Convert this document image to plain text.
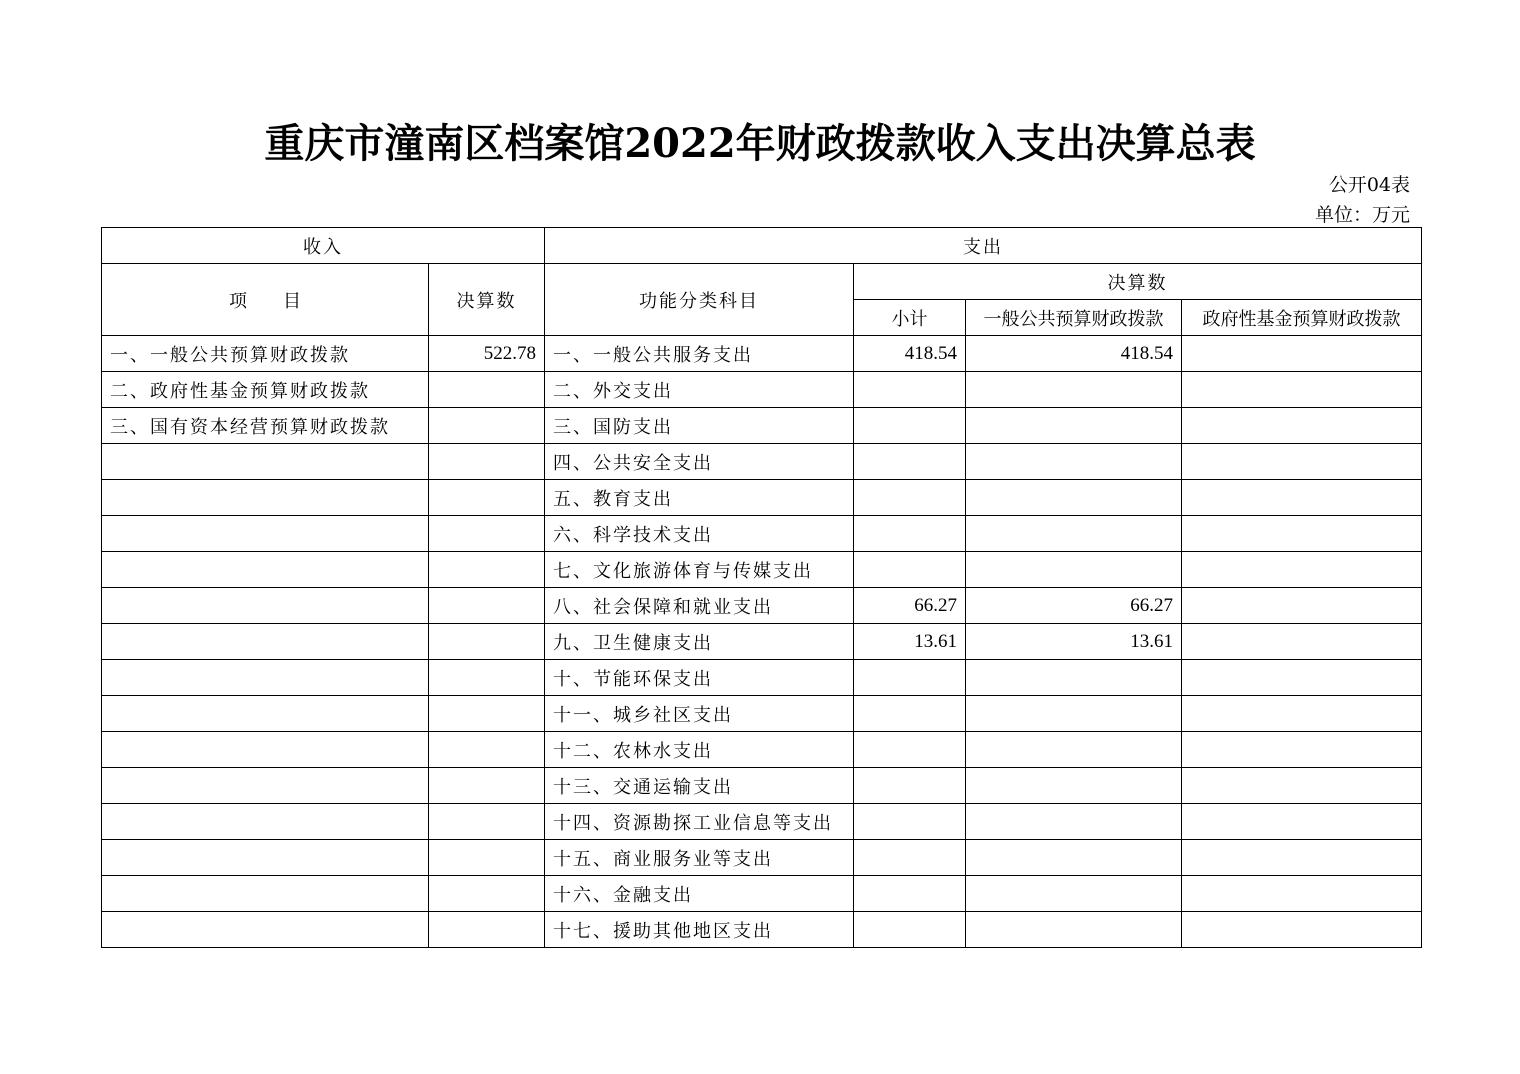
重庆市潼南区档案馆2022年财政拨款收入支出决算总表
公开04表
单位：万元
收入		支出			
项　　目	决算数	功能分类科目	决算数		
			小计	一般公共预算财政拨款	政府性基金预算财政拨款
一、一般公共预算财政拨款	522.78	一、一般公共服务支出	418.54	418.54	
二、政府性基金预算财政拨款		二、外交支出			
三、国有资本经营预算财政拨款		三、国防支出			
		四、公共安全支出			
		五、教育支出			
		六、科学技术支出			
		七、文化旅游体育与传媒支出			
		八、社会保障和就业支出	66.27	66.27	
		九、卫生健康支出	13.61	13.61	
		十、节能环保支出			
		十一、城乡社区支出			
		十二、农林水支出			
		十三、交通运输支出			
		十四、资源勘探工业信息等支出			
		十五、商业服务业等支出			
		十六、金融支出			
		十七、援助其他地区支出			
